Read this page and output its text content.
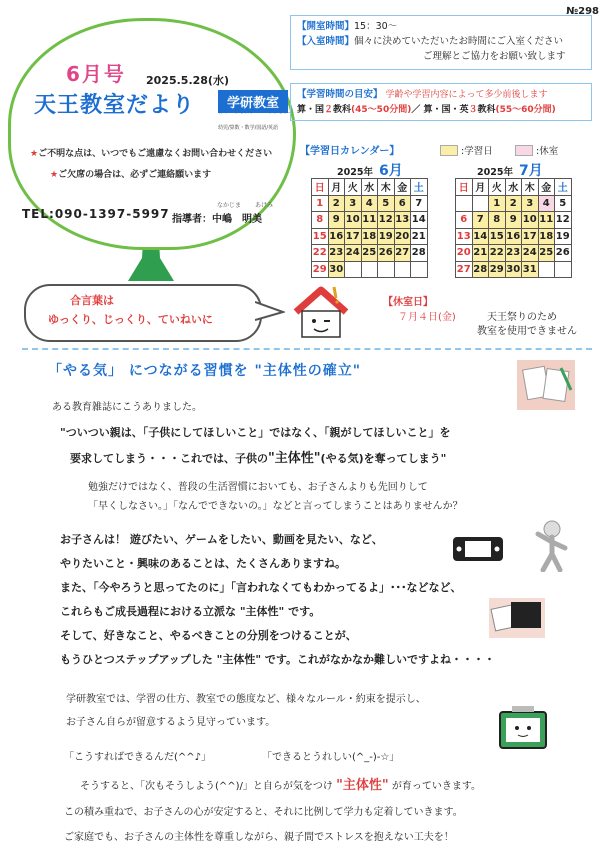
№298
6月号 2025.5.28(水)
天王教室だより	学研教室
自ら・考える力・・・学びを学ぶ
幼児/算数・数学/国語/英語
★ご不明な点は、いつでもご遠慮なくお問い合わせください
★ご欠席の場合は、必ずご連絡願います
TEL:090-1397-5997
なかじま あけみ
指導者：中嶋　 明美
【開室時間】15：30～
【入室時間】個々に決めていただいたお時間にご入室ください
ご理解とご協力をお願い致します
【学習時間の目安】 学齢や学習内容によって多少前後します
算・国２教科(45～50分間)／ 算・国・英３教科(55～60分間)
【学習日カレンダー】	:学習日	:休室
2025年 6月	2025年 7月
日	月	火	水	木	金	土
1	2	3	4	5	6	7
8	9	10	11	12	13	14
15	16	17	18	19	20	21
22	23	24	25	26	27	28
29	30					
日	月	火	水	木	金	土
		1	2	3	4	5
6	7	8	9	10	11	12
13	14	15	16	17	18	19
20	21	22	23	24	25	26
27	28	29	30	31		
合言葉は
ゆっくり、じっくり、ていねいに
【休室日】
７月４日(金)	天王祭りのため
教室を使用できません
「やる気」 につながる習慣を "主体性の確立"
ある教育雑誌にこうありました。
"ついつい親は、「子供にしてほしいこと」ではなく、「親がしてほしいこと」を
要求してしまう・・・これでは、子供の"主体性"(やる気)を奪ってしまう"
勉強だけではなく、普段の生活習慣においても、お子さんよりも先回りして
「早くしなさい。」「なんでできないの。」などと言ってしまうことはありませんか？
お子さんは！ 遊びたい、ゲームをしたい、動画を見たい、など、
やりたいこと・興味のあることは、たくさんありますね。
また、「今やろうと思ってたのに」「言われなくてもわかってるよ」･･･などなど、
これらもご成長過程における立派な "主体性" です。
そして、好きなこと、やるべきことの分別をつけることが、
もうひとつステップアップした "主体性" です。これがなかなか難しいですよね・・・・
学研教室では、学習の仕方、教室での態度など、様々なルール・約束を提示し、
お子さん自らが留意するよう見守っています。
「こうすればできるんだ(^^♪」	「できるとうれしい(^_-)-☆」
そうすると、「次もそうしよう(^^)/」と自らが気をつけ "主体性" が育っていきます。
この積み重ねで、お子さんの心が安定すると、それに比例して学力も定着していきます。
ご家庭でも、お子さんの主体性を尊重しながら、親子間でストレスを抱えない工夫を！
